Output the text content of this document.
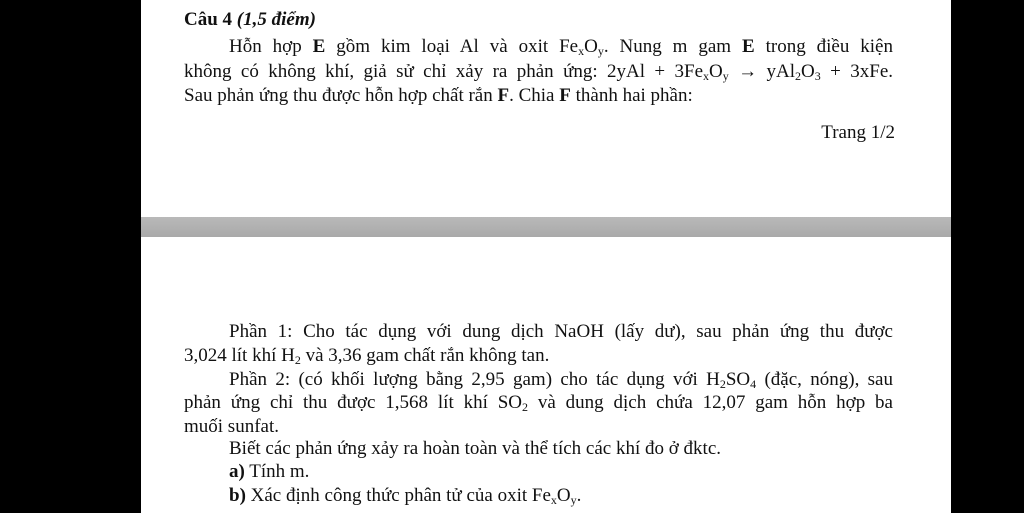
Câu 4 (1,5 điểm)
Hỗn hợp E gồm kim loại Al và oxit $Fe_xO_y$. Nung m gam E trong điều kiện
không có không khí, giả sử chỉ xảy ra phản ứng: $2yAl + 3Fe_xO_y \to yAl_2O_3 + 3xFe$.
Sau phản ứng thu được hỗn hợp chất rắn F. Chia F thành hai phần:
Trang 1/2
Phần 1: Cho tác dụng với dung dịch NaOH (lấy dư), sau phản ứng thu được
3,024 lít khí $H_2$ và 3,36 gam chất rắn không tan.
Phần 2: (có khối lượng bằng 2,95 gam) cho tác dụng với $H_2SO_4$ (đặc, nóng), sau
phản ứng chỉ thu được 1,568 lít khí $SO_2$ và dung dịch chứa 12,07 gam hỗn hợp ba
muối sunfat.
Biết các phản ứng xảy ra hoàn toàn và thể tích các khí đo ở đktc.
a) Tính m.
b) Xác định công thức phân tử của oxit $Fe_xO_y$.
